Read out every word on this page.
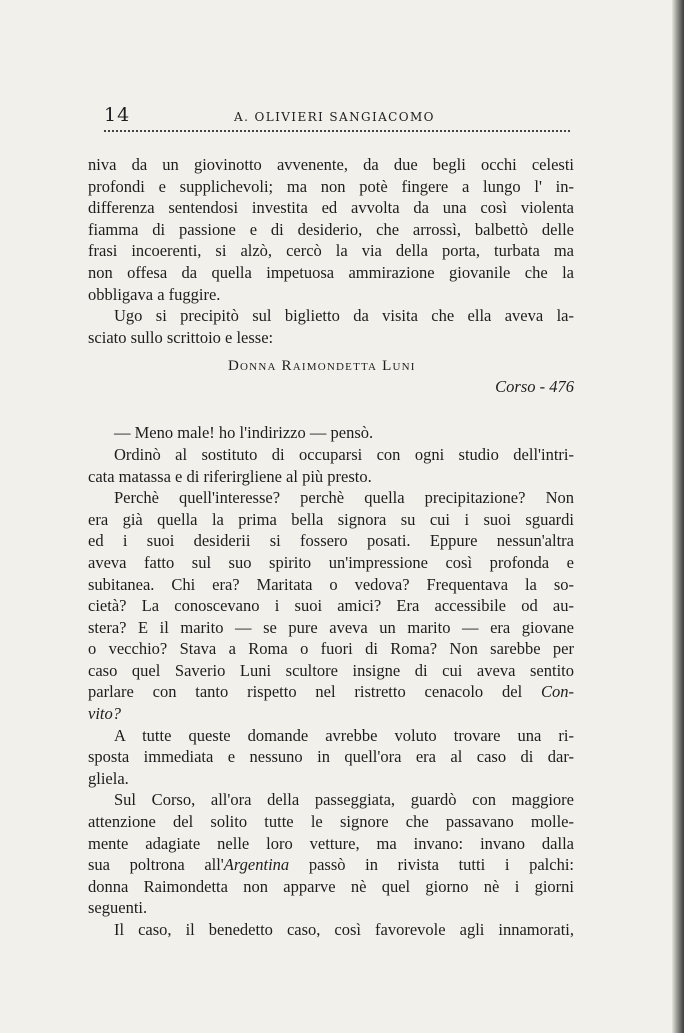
14	A. OLIVIERI SANGIACOMO
niva da un giovinotto avvenente, da due begli occhi celesti
profondi e supplichevoli; ma non potè fingere a lungo l' in-
differenza sentendosi investita ed avvolta da una così violenta
fiamma di passione e di desiderio, che arrossì, balbettò delle
frasi incoerenti, si alzò, cercò la via della porta, turbata ma
non offesa da quella impetuosa ammirazione giovanile che la
obbligava a fuggire.
Ugo si precipitò sul biglietto da visita che ella aveva la-
sciato sullo scrittoio e lesse:
Donna Raimondetta Luni
Corso - 476
— Meno male! ho l'indirizzo — pensò.
Ordinò al sostituto di occuparsi con ogni studio dell'intri-
cata matassa e di riferirgliene al più presto.
Perchè quell'interesse? perchè quella precipitazione? Non
era già quella la prima bella signora su cui i suoi sguardi
ed i suoi desiderii si fossero posati. Eppure nessun'altra
aveva fatto sul suo spirito un'impressione così profonda e
subitanea. Chi era? Maritata o vedova? Frequentava la so-
cietà? La conoscevano i suoi amici? Era accessibile od au-
stera? E il marito — se pure aveva un marito — era giovane
o vecchio? Stava a Roma o fuori di Roma? Non sarebbe per
caso quel Saverio Luni scultore insigne di cui aveva sentito
parlare con tanto rispetto nel ristretto cenacolo del Con-
vito?
A tutte queste domande avrebbe voluto trovare una ri-
sposta immediata e nessuno in quell'ora era al caso di dar-
gliela.
Sul Corso, all'ora della passeggiata, guardò con maggiore
attenzione del solito tutte le signore che passavano molle-
mente adagiate nelle loro vetture, ma invano: invano dalla
sua poltrona all'Argentina passò in rivista tutti i palchi:
donna Raimondetta non apparve nè quel giorno nè i giorni
seguenti.
Il caso, il benedetto caso, così favorevole agli innamorati,
